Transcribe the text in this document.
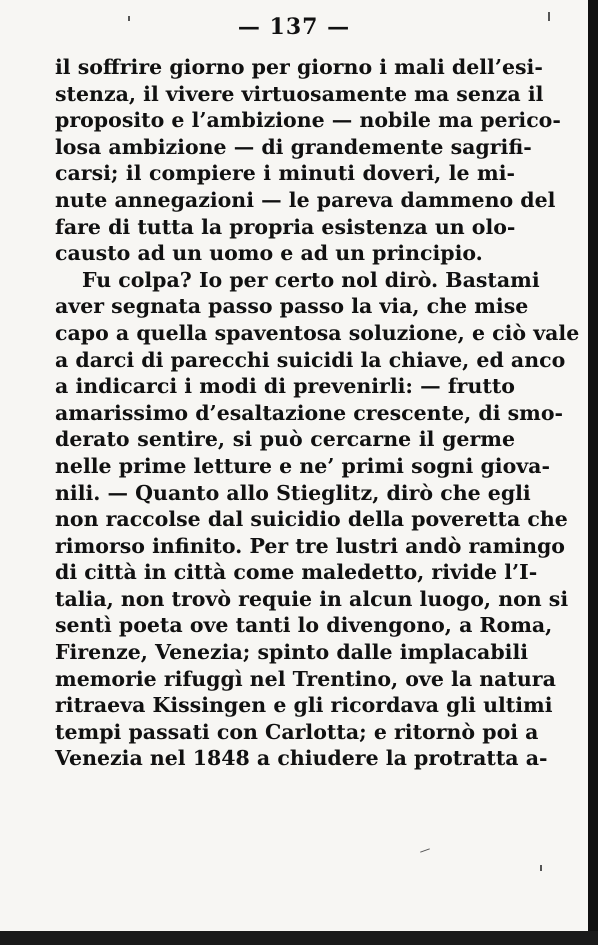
— 137 —
il soffrire giorno per giorno i mali dell’esi-
stenza, il vivere virtuosamente ma senza il
proposito e l’ambizione — nobile ma perico-
losa ambizione — di grandemente sagrifi-
carsi; il compiere i minuti doveri, le mi-
nute annegazioni — le pareva dammeno del
fare di tutta la propria esistenza un olo-
causto ad un uomo e ad un principio.
Fu colpa? Io per certo nol dirò. Bastami
aver segnata passo passo la via, che mise
capo a quella spaventosa soluzione, e ciò vale
a darci di parecchi suicidi la chiave, ed anco
a indicarci i modi di prevenirli: — frutto
amarissimo d’esaltazione crescente, di smo-
derato sentire, si può cercarne il germe
nelle prime letture e ne’ primi sogni giova-
nili. — Quanto allo Stieglitz, dirò che egli
non raccolse dal suicidio della poveretta che
rimorso infinito. Per tre lustri andò ramingo
di città in città come maledetto, rivide l’I-
talia, non trovò requie in alcun luogo, non si
sentì poeta ove tanti lo divengono, a Roma,
Firenze, Venezia; spinto dalle implacabili
memorie rifuggì nel Trentino, ove la natura
ritraeva Kissingen e gli ricordava gli ultimi
tempi passati con Carlotta; e ritornò poi a
Venezia nel 1848 a chiudere la protratta a-
